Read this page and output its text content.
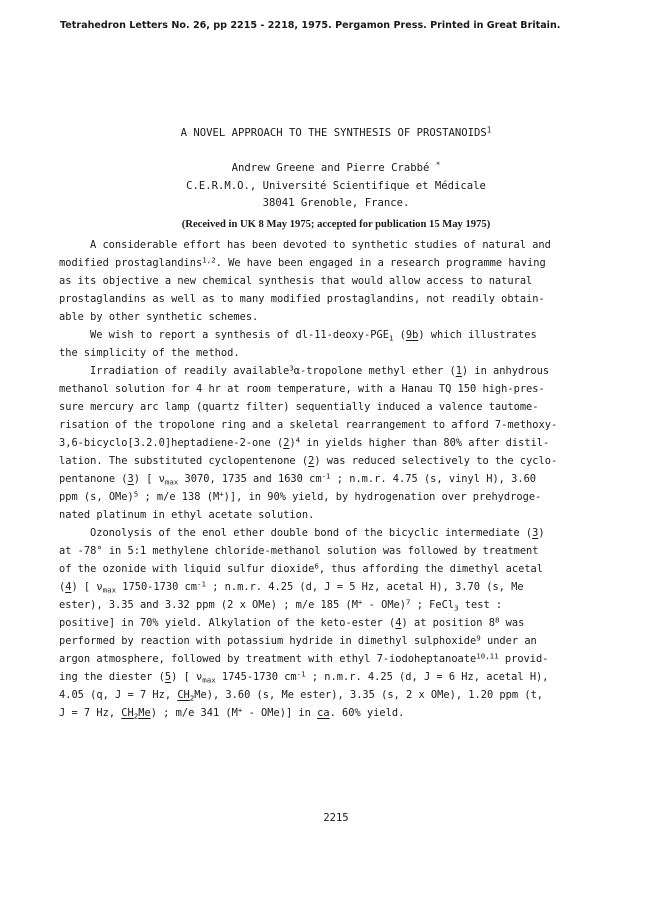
Tetrahedron Letters No. 26, pp 2215 - 2218, 1975. Pergamon Press. Printed in Great Britain.
A NOVEL APPROACH TO THE SYNTHESIS OF PROSTANOIDS$^1$
Andrew Greene and Pierre Crabbé *
C.E.R.M.O., Université Scientifique et Médicale
38041 Grenoble, France.
(Received in UK 8 May 1975; accepted for publication 15 May 1975)
A considerable effort has been devoted to synthetic studies of natural and
modified prostaglandins$^{1,2}$. We have been engaged in a research programme having
as its objective a new chemical synthesis that would allow access to natural
prostaglandins as well as to many modified prostaglandins, not readily obtain-
able by other synthetic schemes.
We wish to report a synthesis of $dl-11-deoxy-PGE_1$ (9b) which illustrates
the simplicity of the method.
Irradiation of readily available$^3$α-tropolone methyl ether (1) in anhydrous
methanol solution for 4 hr at room temperature, with a Hanau TQ 150 high-pres-
sure mercury arc lamp (quartz filter) sequentially induced a valence tautome-
risation of the tropolone ring and a skeletal rearrangement to afford 7-methoxy-
3,6-bicyclo[3.2.0]heptadiene-2-one $(2)^4$ in yields higher than 80% after distil-
lation. The substituted cyclopentenone (2) was reduced selectively to the cyclo-
pentanone (3) [ $\nu_{max}$ 3070, 1735 and 1630 $cm^{-1}$ ; n.m.r. 4.75 (s, vinyl H), 3.60
ppm (s, OMe)$^5$ ; m/e 138 (M+)], in 90% yield, by hydrogenation over prehydroge-
nated platinum in ethyl acetate solution.
Ozonolysis of the enol ether double bond of the bicyclic intermediate (3)
at -78° in 5:1 methylene chloride-methanol solution was followed by treatment
of the ozonide with liquid sulfur dioxide$^6$, thus affording the dimethyl acetal
(4) [ $\nu_{max}$ 1750-1730 $cm^{-1}$ ; n.m.r. 4.25 (d, J = 5 Hz, acetal H), 3.70 (s, Me
ester), 3.35 and 3.32 ppm (2 x OMe) ; m/e 185 (M+ - OMe)$^7$ ; FeCl$_3$ test :
positive] in 70% yield. Alkylation of the keto-ester (4) at position $8^8$ was
performed by reaction with potassium hydride in dimethyl sulphoxide$^9$ under an
argon atmosphere, followed by treatment with ethyl 7-iodoheptanoate$^{10,11}$ provid-
ing the diester (5) [ $\nu_{max}$ 1745-1730 $cm^{-1}$ ; n.m.r. 4.25 (d, J = 6 Hz, acetal H),
4.05 (q, J = 7 Hz, $CH_2Me$), 3.60 (s, Me ester), 3.35 (s, 2 x OMe), 1.20 ppm (t,
J = 7 Hz, $CH_2Me$) ; m/e 341 (M+ - OMe)] in ca. 60% yield.
2215
